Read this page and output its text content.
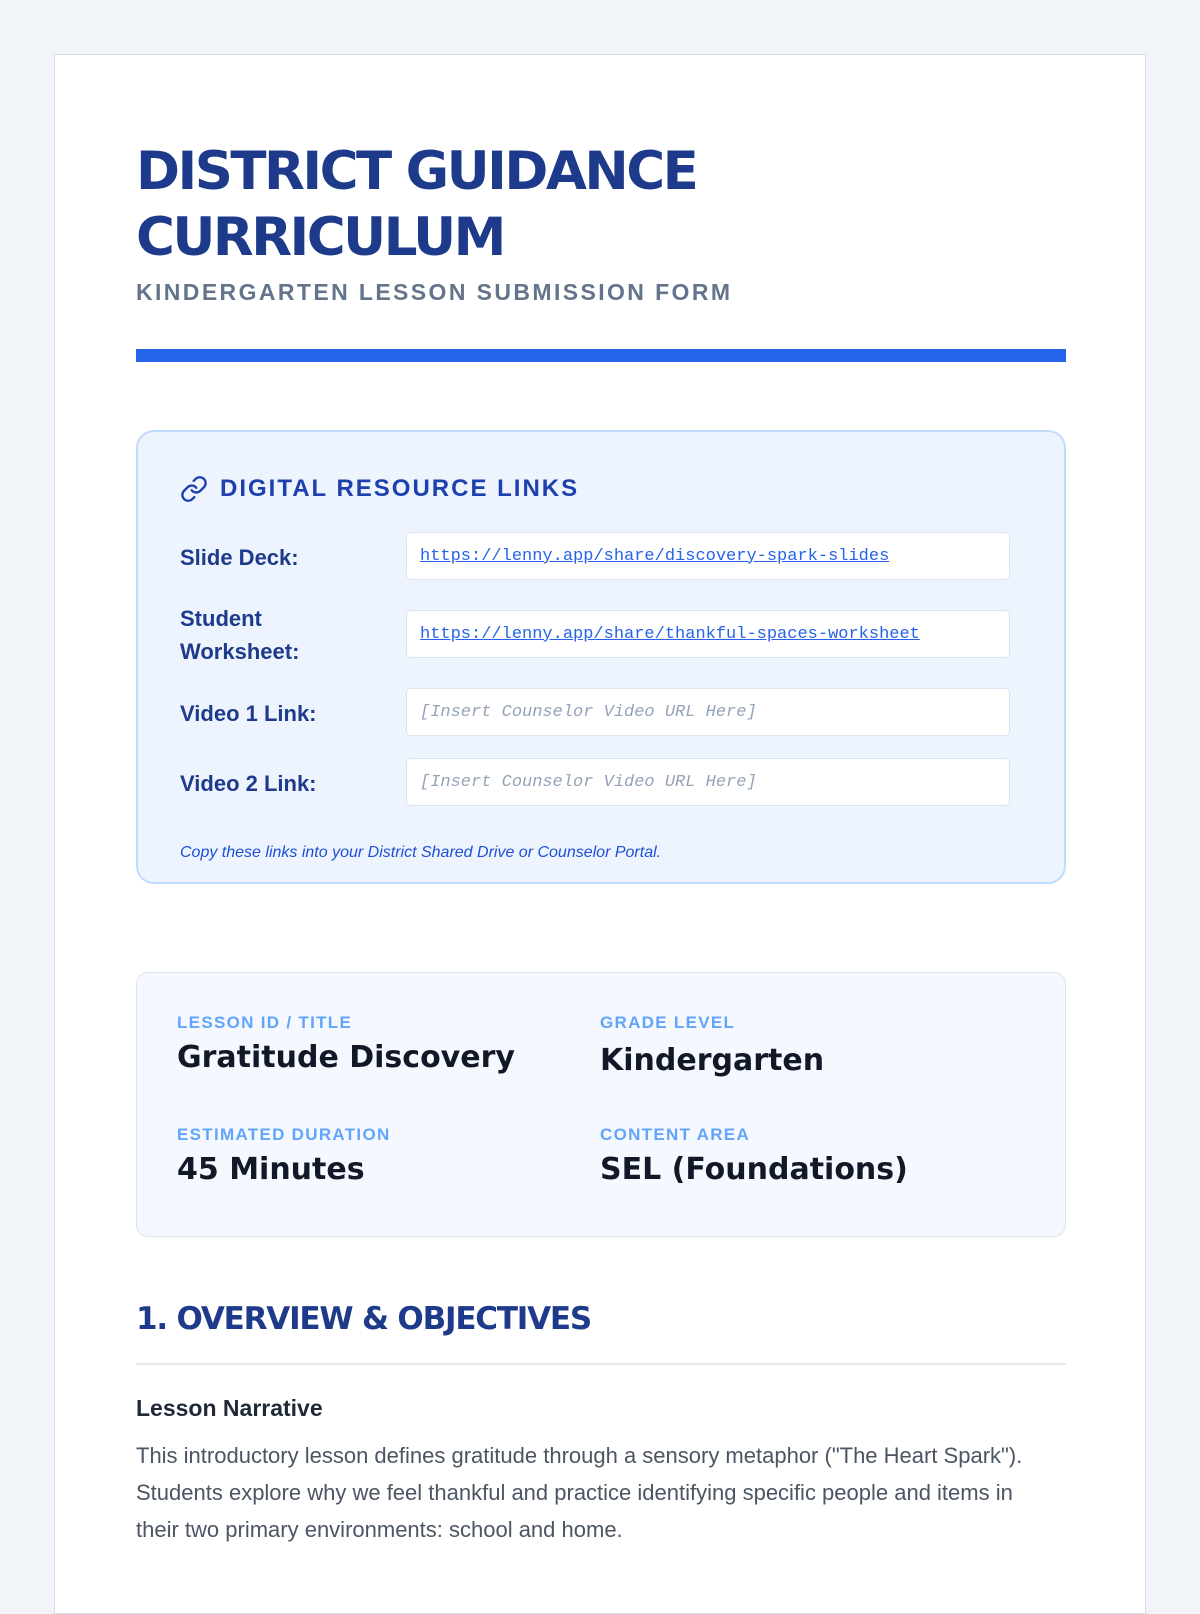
DISTRICT GUIDANCE CURRICULUM
KINDERGARTEN LESSON SUBMISSION FORM
DIGITAL RESOURCE LINKS
Slide Deck:	https://lenny.app/share/discovery-spark-slides
Student Worksheet:
https://lenny.app/share/thankful-spaces-worksheet
Video 1 Link:	[Insert Counselor Video URL Here]
Video 2 Link:	[Insert Counselor Video URL Here]
Copy these links into your District Shared Drive or Counselor Portal.
LESSON ID / TITLE
Gratitude Discovery
GRADE LEVEL
Kindergarten
ESTIMATED DURATION
45 Minutes
CONTENT AREA
SEL (Foundations)
1. OVERVIEW & OBJECTIVES
Lesson Narrative

This introductory lesson defines gratitude through a sensory metaphor ("The Heart Spark"). Students explore why we feel thankful and practice identifying specific people and items in their two primary environments: school and home.
